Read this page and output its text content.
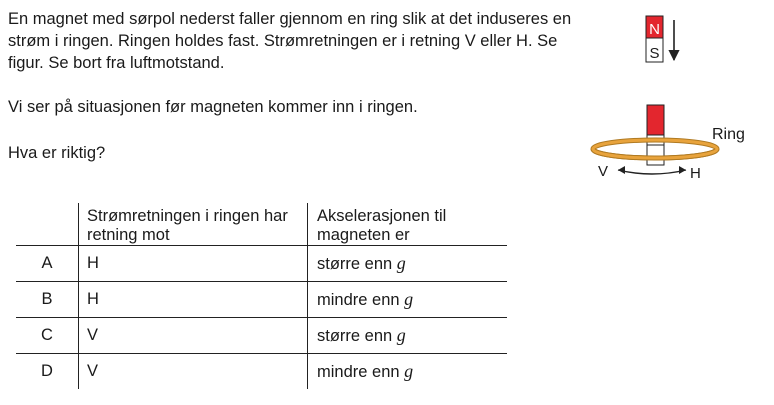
En magnet med sørpol nederst faller gjennom en ring slik at det induseres en strøm i ringen. Ringen holdes fast. Strømretningen er i retning V eller H. Se figur. Se bort fra luftmotstand.

Vi ser på situasjonen før magneten kommer inn i ringen.

Hva er riktig?

N
S
Ring
V	H
	Strømretningen i ringen har retning mot	Akselerasjonen til magneten er
A	H	større enn g
B	H	mindre enn g
C	V	større enn g
D	V	mindre enn g
